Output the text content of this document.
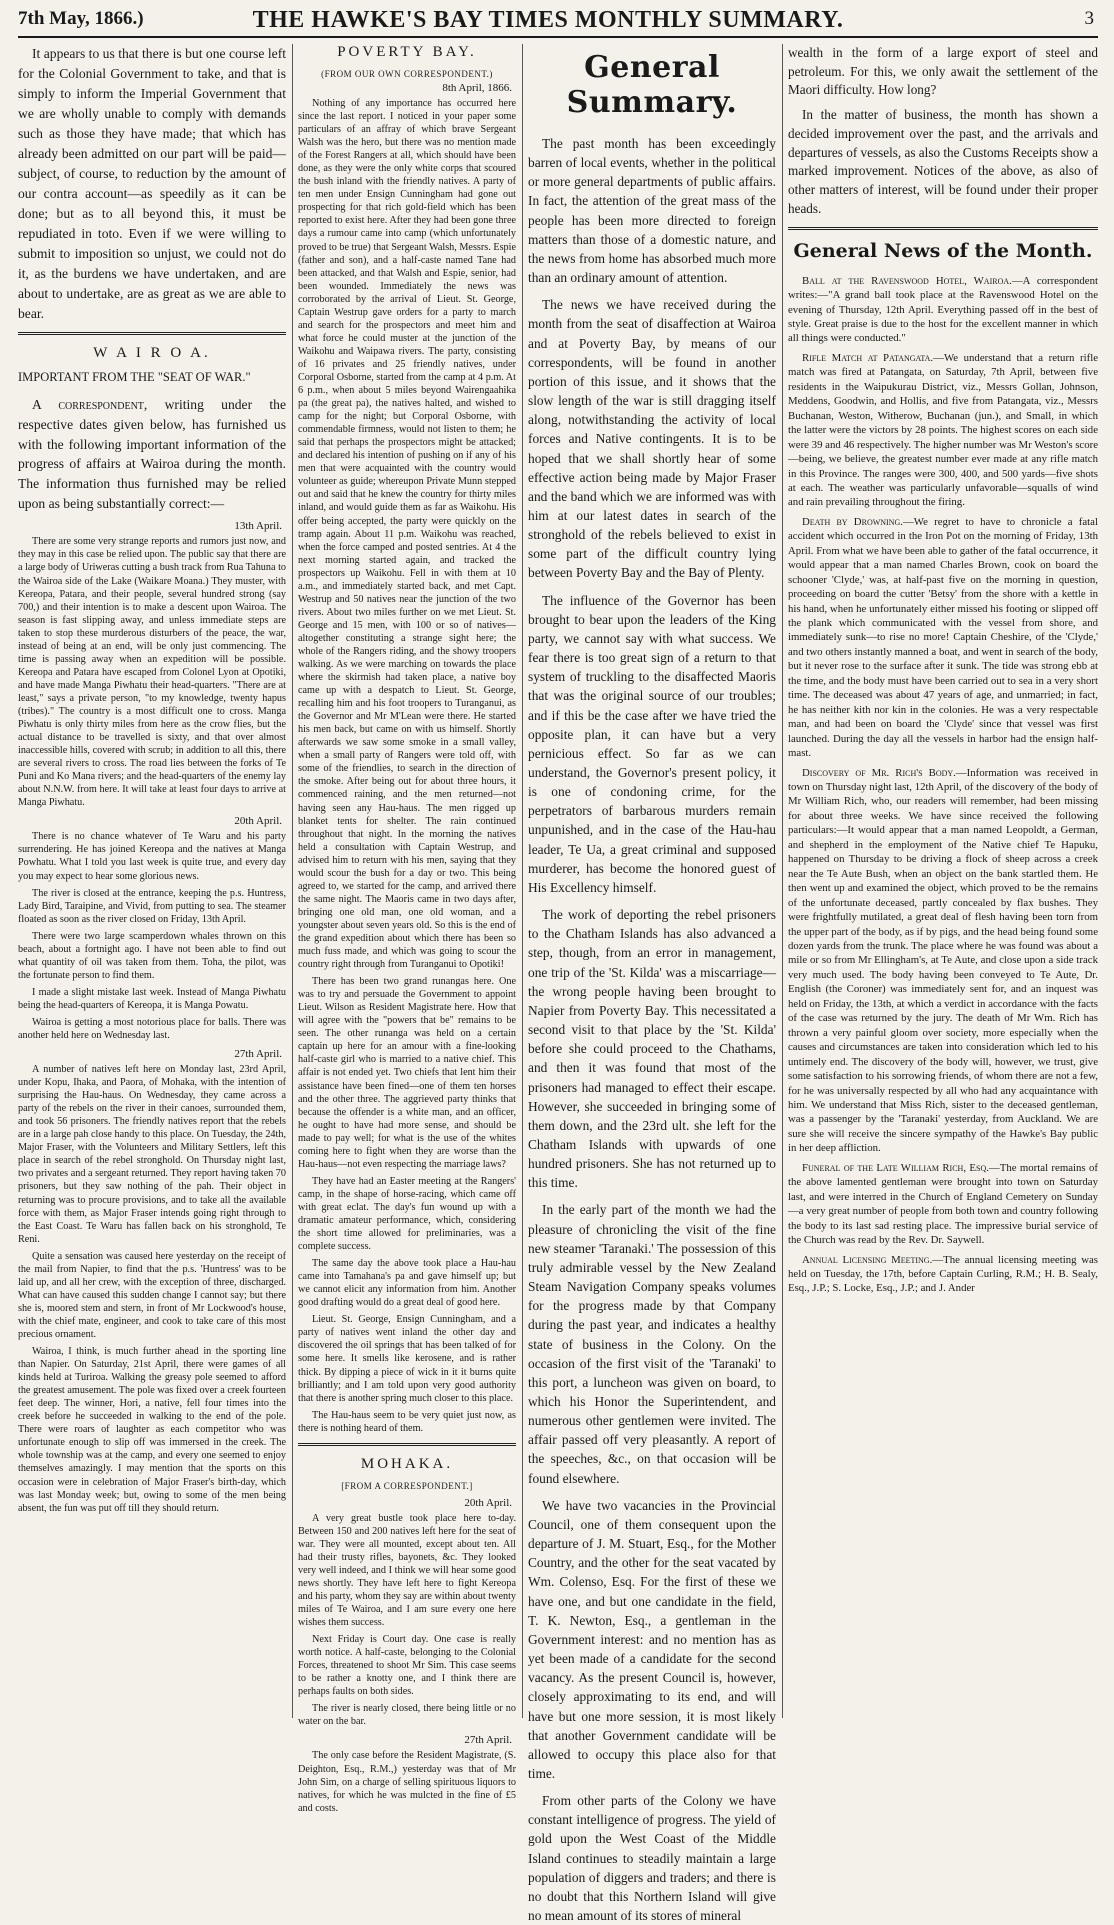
7th May, 1866.)	THE HAWKE'S BAY TIMES MONTHLY SUMMARY.	3

It appears to us that there is but one course left for the Colonial Government to take, and that is simply to inform the Imperial Government that we are wholly unable to comply with demands such as those they have made; that which has already been admitted on our part will be paid—subject, of course, to reduction by the amount of our contra account—as speedily as it can be done; but as to all beyond this, it must be repudiated in toto. Even if we were willing to submit to imposition so unjust, we could not do it, as the burdens we have undertaken, and are about to undertake, are as great as we are able to bear.

W A I R O A.
IMPORTANT FROM THE "SEAT OF WAR."

A correspondent, writing under the respective dates given below, has furnished us with the following important information of the progress of affairs at Wairoa during the month. The information thus furnished may be relied upon as being substantially correct:—

13th April.

There are some very strange reports and rumors just now, and they may in this case be relied upon. The public say that there are a large body of Uriweras cutting a bush track from Rua Tahuna to the Wairoa side of the Lake (Waikare Moana.) They muster, with Kereopa, Patara, and their people, several hundred strong (say 700,) and their intention is to make a descent upon Wairoa. The season is fast slipping away, and unless immediate steps are taken to stop these murderous disturbers of the peace, the war, instead of being at an end, will be only just commencing. The time is passing away when an expedition will be possible. Kereopa and Patara have escaped from Colonel Lyon at Opotiki, and have made Manga Piwhatu their head-quarters. "There are at least," says a private person, "to my knowledge, twenty hapus (tribes)." The country is a most difficult one to cross. Manga Piwhatu is only thirty miles from here as the crow flies, but the actual distance to be travelled is sixty, and that over almost inaccessible hills, covered with scrub; in addition to all this, there are several rivers to cross. The road lies between the forks of Te Puni and Ko Mana rivers; and the head-quarters of the enemy lay about N.N.W. from here. It will take at least four days to arrive at Manga Piwhatu.

20th April.

There is no chance whatever of Te Waru and his party surrendering. He has joined Kereopa and the natives at Manga Powhatu. What I told you last week is quite true, and every day you may expect to hear some glorious news.

The river is closed at the entrance, keeping the p.s. Huntress, Lady Bird, Taraipine, and Vivid, from putting to sea. The steamer floated as soon as the river closed on Friday, 13th April.

There were two large scamperdown whales thrown on this beach, about a fortnight ago. I have not been able to find out what quantity of oil was taken from them. Toha, the pilot, was the fortunate person to find them.

I made a slight mistake last week. Instead of Manga Piwhatu being the head-quarters of Kereopa, it is Manga Powatu.

Wairoa is getting a most notorious place for balls. There was another held here on Wednesday last.

27th April.

A number of natives left here on Monday last, 23rd April, under Kopu, Ihaka, and Paora, of Mohaka, with the intention of surprising the Hau-haus. On Wednesday, they came across a party of the rebels on the river in their canoes, surrounded them, and took 56 prisoners. The friendly natives report that the rebels are in a large pah close handy to this place. On Tuesday, the 24th, Major Fraser, with the Volunteers and Military Settlers, left this place in search of the rebel stronghold. On Thursday night last, two privates and a sergeant returned. They report having taken 70 prisoners, but they saw nothing of the pah. Their object in returning was to procure provisions, and to take all the available force with them, as Major Fraser intends going right through to the East Coast. Te Waru has fallen back on his stronghold, Te Reni.

Quite a sensation was caused here yesterday on the receipt of the mail from Napier, to find that the p.s. 'Huntress' was to be laid up, and all her crew, with the exception of three, discharged. What can have caused this sudden change I cannot say; but there she is, moored stem and stern, in front of Mr Lockwood's house, with the chief mate, engineer, and cook to take care of this most precious ornament.

Wairoa, I think, is much further ahead in the sporting line than Napier. On Saturday, 21st April, there were games of all kinds held at Turiroa. Walking the greasy pole seemed to afford the greatest amusement. The pole was fixed over a creek fourteen feet deep. The winner, Hori, a native, fell four times into the creek before he succeeded in walking to the end of the pole. There were roars of laughter as each competitor who was unfortunate enough to slip off was immersed in the creek. The whole township was at the camp, and every one seemed to enjoy themselves amazingly. I may mention that the sports on this occasion were in celebration of Major Fraser's birth-day, which was last Monday week; but, owing to some of the men being absent, the fun was put off till they should return.

POVERTY BAY.
(FROM OUR OWN CORRESPONDENT.)
8th April, 1866.

Nothing of any importance has occurred here since the last report. I noticed in your paper some particulars of an affray of which brave Sergeant Walsh was the hero, but there was no mention made of the Forest Rangers at all, which should have been done, as they were the only white corps that scoured the bush inland with the friendly natives. A party of ten men under Ensign Cunningham had gone out prospecting for that rich gold-field which has been reported to exist here. After they had been gone three days a rumour came into camp (which unfortunately proved to be true) that Sergeant Walsh, Messrs. Espie (father and son), and a half-caste named Tane had been attacked, and that Walsh and Espie, senior, had been wounded. Immediately the news was corroborated by the arrival of Lieut. St. George, Captain Westrup gave orders for a party to march and search for the prospectors and meet him and what force he could muster at the junction of the Waikohu and Waipawa rivers. The party, consisting of 16 privates and 25 friendly natives, under Corporal Osborne, started from the camp at 4 p.m. At 6 p.m., when about 5 miles beyond Wairengaahika pa (the great pa), the natives halted, and wished to camp for the night; but Corporal Osborne, with commendable firmness, would not listen to them; he said that perhaps the prospectors might be attacked; and declared his intention of pushing on if any of his men that were acquainted with the country would volunteer as guide; whereupon Private Munn stepped out and said that he knew the country for thirty miles inland, and would guide them as far as Waikohu. His offer being accepted, the party were quickly on the tramp again. About 11 p.m. Waikohu was reached, when the force camped and posted sentries. At 4 the next morning started again, and tracked the prospectors up Waikohu. Fell in with them at 10 a.m., and immediately started back, and met Capt. Westrup and 50 natives near the junction of the two rivers. About two miles further on we met Lieut. St. George and 15 men, with 100 or so of natives—altogether constituting a strange sight here; the whole of the Rangers riding, and the showy troopers walking. As we were marching on towards the place where the skirmish had taken place, a native boy came up with a despatch to Lieut. St. George, recalling him and his foot troopers to Turanganui, as the Governor and Mr M'Lean were there. He started his men back, but came on with us himself. Shortly afterwards we saw some smoke in a small valley, when a small party of Rangers were told off, with some of the friendlies, to search in the direction of the smoke. After being out for about three hours, it commenced raining, and the men returned—not having seen any Hau-haus. The men rigged up blanket tents for shelter. The rain continued throughout that night. In the morning the natives held a consultation with Captain Westrup, and advised him to return with his men, saying that they would scour the bush for a day or two. This being agreed to, we started for the camp, and arrived there the same night. The Maoris came in two days after, bringing one old man, one old woman, and a youngster about seven years old. So this is the end of the grand expedition about which there has been so much fuss made, and which was going to scour the country right through from Turanganui to Opotiki!

There has been two grand runangas here. One was to try and persuade the Government to appoint Lieut. Wilson as Resident Magistrate here. How that will agree with the "powers that be" remains to be seen. The other runanga was held on a certain captain up here for an amour with a fine-looking half-caste girl who is married to a native chief. This affair is not ended yet. Two chiefs that lent him their assistance have been fined—one of them ten horses and the other three. The aggrieved party thinks that because the offender is a white man, and an officer, he ought to have had more sense, and should be made to pay well; for what is the use of the whites coming here to fight when they are worse than the Hau-haus—not even respecting the marriage laws?

They have had an Easter meeting at the Rangers' camp, in the shape of horse-racing, which came off with great eclat. The day's fun wound up with a dramatic amateur performance, which, considering the short time allowed for preliminaries, was a complete success.

The same day the above took place a Hau-hau came into Tamahana's pa and gave himself up; but we cannot elicit any information from him. Another good drafting would do a great deal of good here.

Lieut. St. George, Ensign Cunningham, and a party of natives went inland the other day and discovered the oil springs that has been talked of for some here. It smells like kerosene, and is rather thick. By dipping a piece of wick in it it burns quite brilliantly; and I am told upon very good authority that there is another spring much closer to this place.

The Hau-haus seem to be very quiet just now, as there is nothing heard of them.

MOHAKA.
[FROM A CORRESPONDENT.]
20th April.

A very great bustle took place here to-day. Between 150 and 200 natives left here for the seat of war. They were all mounted, except about ten. All had their trusty rifles, bayonets, &c. They looked very well indeed, and I think we will hear some good news shortly. They have left here to fight Kereopa and his party, whom they say are within about twenty miles of Te Wairoa, and I am sure every one here wishes them success.

Next Friday is Court day. One case is really worth notice. A half-caste, belonging to the Colonial Forces, threatened to shoot Mr Sim. This case seems to be rather a knotty one, and I think there are perhaps faults on both sides.

The river is nearly closed, there being little or no water on the bar.

27th April.

The only case before the Resident Magistrate, (S. Deighton, Esq., R.M.,) yesterday was that of Mr John Sim, on a charge of selling spirituous liquors to natives, for which he was mulcted in the fine of £5 and costs.

General Summary.

The past month has been exceedingly barren of local events, whether in the political or more general departments of public affairs. In fact, the attention of the great mass of the people has been more directed to foreign matters than those of a domestic nature, and the news from home has absorbed much more than an ordinary amount of attention.

The news we have received during the month from the seat of disaffection at Wairoa and at Poverty Bay, by means of our correspondents, will be found in another portion of this issue, and it shows that the slow length of the war is still dragging itself along, notwithstanding the activity of local forces and Native contingents. It is to be hoped that we shall shortly hear of some effective action being made by Major Fraser and the band which we are informed was with him at our latest dates in search of the stronghold of the rebels believed to exist in some part of the difficult country lying between Poverty Bay and the Bay of Plenty.

The influence of the Governor has been brought to bear upon the leaders of the King party, we cannot say with what success. We fear there is too great sign of a return to that system of truckling to the disaffected Maoris that was the original source of our troubles; and if this be the case after we have tried the opposite plan, it can have but a very pernicious effect. So far as we can understand, the Governor's present policy, it is one of condoning crime, for the perpetrators of barbarous murders remain unpunished, and in the case of the Hau-hau leader, Te Ua, a great criminal and supposed murderer, has become the honored guest of His Excellency himself.

The work of deporting the rebel prisoners to the Chatham Islands has also advanced a step, though, from an error in management, one trip of the 'St. Kilda' was a miscarriage—the wrong people having been brought to Napier from Poverty Bay. This necessitated a second visit to that place by the 'St. Kilda' before she could proceed to the Chathams, and then it was found that most of the prisoners had managed to effect their escape. However, she succeeded in bringing some of them down, and the 23rd ult. she left for the Chatham Islands with upwards of one hundred prisoners. She has not returned up to this time.

In the early part of the month we had the pleasure of chronicling the visit of the fine new steamer 'Taranaki.' The possession of this truly admirable vessel by the New Zealand Steam Navigation Company speaks volumes for the progress made by that Company during the past year, and indicates a healthy state of business in the Colony. On the occasion of the first visit of the 'Taranaki' to this port, a luncheon was given on board, to which his Honor the Superintendent, and numerous other gentlemen were invited. The affair passed off very pleasantly. A report of the speeches, &c., on that occasion will be found elsewhere.

We have two vacancies in the Provincial Council, one of them consequent upon the departure of J. M. Stuart, Esq., for the Mother Country, and the other for the seat vacated by Wm. Colenso, Esq. For the first of these we have one, and but one candidate in the field, T. K. Newton, Esq., a gentleman in the Government interest: and no mention has as yet been made of a candidate for the second vacancy. As the present Council is, however, closely approximating to its end, and will have but one more session, it is most likely that another Government candidate will be allowed to occupy this place also for that time.

From other parts of the Colony we have constant intelligence of progress. The yield of gold upon the West Coast of the Middle Island continues to steadily maintain a large population of diggers and traders; and there is no doubt that this Northern Island will give no mean amount of its stores of mineral

wealth in the form of a large export of steel and petroleum. For this, we only await the settlement of the Maori difficulty. How long?

In the matter of business, the month has shown a decided improvement over the past, and the arrivals and departures of vessels, as also the Customs Receipts show a marked improvement. Notices of the above, as also of other matters of interest, will be found under their proper heads.

General News of the Month.

Ball at the Ravenswood Hotel, Wairoa.—A correspondent writes:—"A grand ball took place at the Ravenswood Hotel on the evening of Thursday, 12th April. Everything passed off in the best of style. Great praise is due to the host for the excellent manner in which all things were conducted."

Rifle Match at Patangata.—We understand that a return rifle match was fired at Patangata, on Saturday, 7th April, between five residents in the Waipukurau District, viz., Messrs Gollan, Johnson, Meddens, Goodwin, and Hollis, and five from Patangata, viz., Messrs Buchanan, Weston, Witherow, Buchanan (jun.), and Small, in which the latter were the victors by 28 points. The highest scores on each side were 39 and 46 respectively. The higher number was Mr Weston's score—being, we believe, the greatest number ever made at any rifle match in this Province. The ranges were 300, 400, and 500 yards—five shots at each. The weather was particularly unfavorable—squalls of wind and rain prevailing throughout the firing.

Death by Drowning.—We regret to have to chronicle a fatal accident which occurred in the Iron Pot on the morning of Friday, 13th April. From what we have been able to gather of the fatal occurrence, it would appear that a man named Charles Brown, cook on board the schooner 'Clyde,' was, at half-past five on the morning in question, proceeding on board the cutter 'Betsy' from the shore with a kettle in his hand, when he unfortunately either missed his footing or slipped off the plank which communicated with the vessel from shore, and immediately sunk—to rise no more! Captain Cheshire, of the 'Clyde,' and two others instantly manned a boat, and went in search of the body, but it never rose to the surface after it sunk. The tide was strong ebb at the time, and the body must have been carried out to sea in a very short time. The deceased was about 47 years of age, and unmarried; in fact, he has neither kith nor kin in the colonies. He was a very respectable man, and had been on board the 'Clyde' since that vessel was first launched. During the day all the vessels in harbor had the ensign half-mast.

Discovery of Mr. Rich's Body.—Information was received in town on Thursday night last, 12th April, of the discovery of the body of Mr William Rich, who, our readers will remember, had been missing for about three weeks. We have since received the following particulars:—It would appear that a man named Leopoldt, a German, and shepherd in the employment of the Native chief Te Hapuku, happened on Thursday to be driving a flock of sheep across a creek near the Te Aute Bush, when an object on the bank startled them. He then went up and examined the object, which proved to be the remains of the unfortunate deceased, partly concealed by flax bushes. They were frightfully mutilated, a great deal of flesh having been torn from the upper part of the body, as if by pigs, and the head being found some dozen yards from the trunk. The place where he was found was about a mile or so from Mr Ellingham's, at Te Aute, and close upon a side track very much used. The body having been conveyed to Te Aute, Dr. English (the Coroner) was immediately sent for, and an inquest was held on Friday, the 13th, at which a verdict in accordance with the facts of the case was returned by the jury. The death of Mr Wm. Rich has thrown a very painful gloom over society, more especially when the causes and circumstances are taken into consideration which led to his untimely end. The discovery of the body will, however, we trust, give some satisfaction to his sorrowing friends, of whom there are not a few, for he was universally respected by all who had any acquaintance with him. We understand that Miss Rich, sister to the deceased gentleman, was a passenger by the 'Taranaki' yesterday, from Auckland. We are sure she will receive the sincere sympathy of the Hawke's Bay public in her deep affliction.

Funeral of the Late William Rich, Esq.—The mortal remains of the above lamented gentleman were brought into town on Saturday last, and were interred in the Church of England Cemetery on Sunday—a very great number of people from both town and country following the body to its last sad resting place. The impressive burial service of the Church was read by the Rev. Dr. Saywell.

Annual Licensing Meeting.—The annual licensing meeting was held on Tuesday, the 17th, before Captain Curling, R.M.; H. B. Sealy, Esq., J.P.; S. Locke, Esq., J.P.; and J. Ander
